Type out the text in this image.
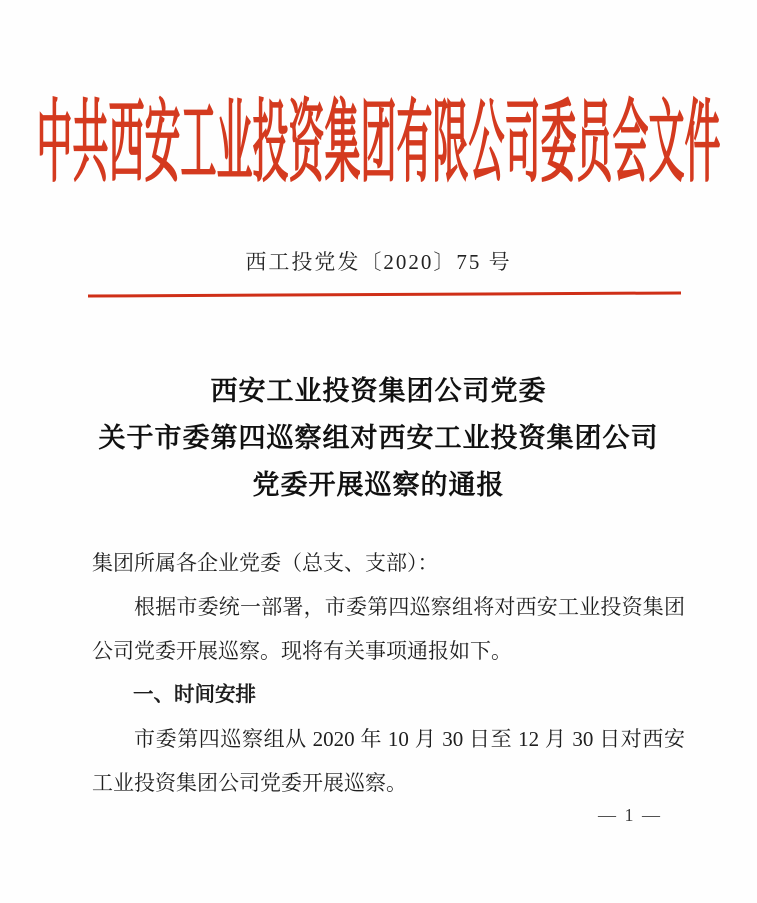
中共西安工业投资集团有限公司委员会文件
西工投党发〔2020〕75 号
西安工业投资集团公司党委
关于市委第四巡察组对西安工业投资集团公司
党委开展巡察的通报

集团所属各企业党委（总支、支部）：

根据市委统一部署，市委第四巡察组将对西安工业投资集团公司党委开展巡察。现将有关事项通报如下。

一、时间安排

市委第四巡察组从 2020 年 10 月 30 日至 12 月 30 日对西安工业投资集团公司党委开展巡察。

— 1 —
